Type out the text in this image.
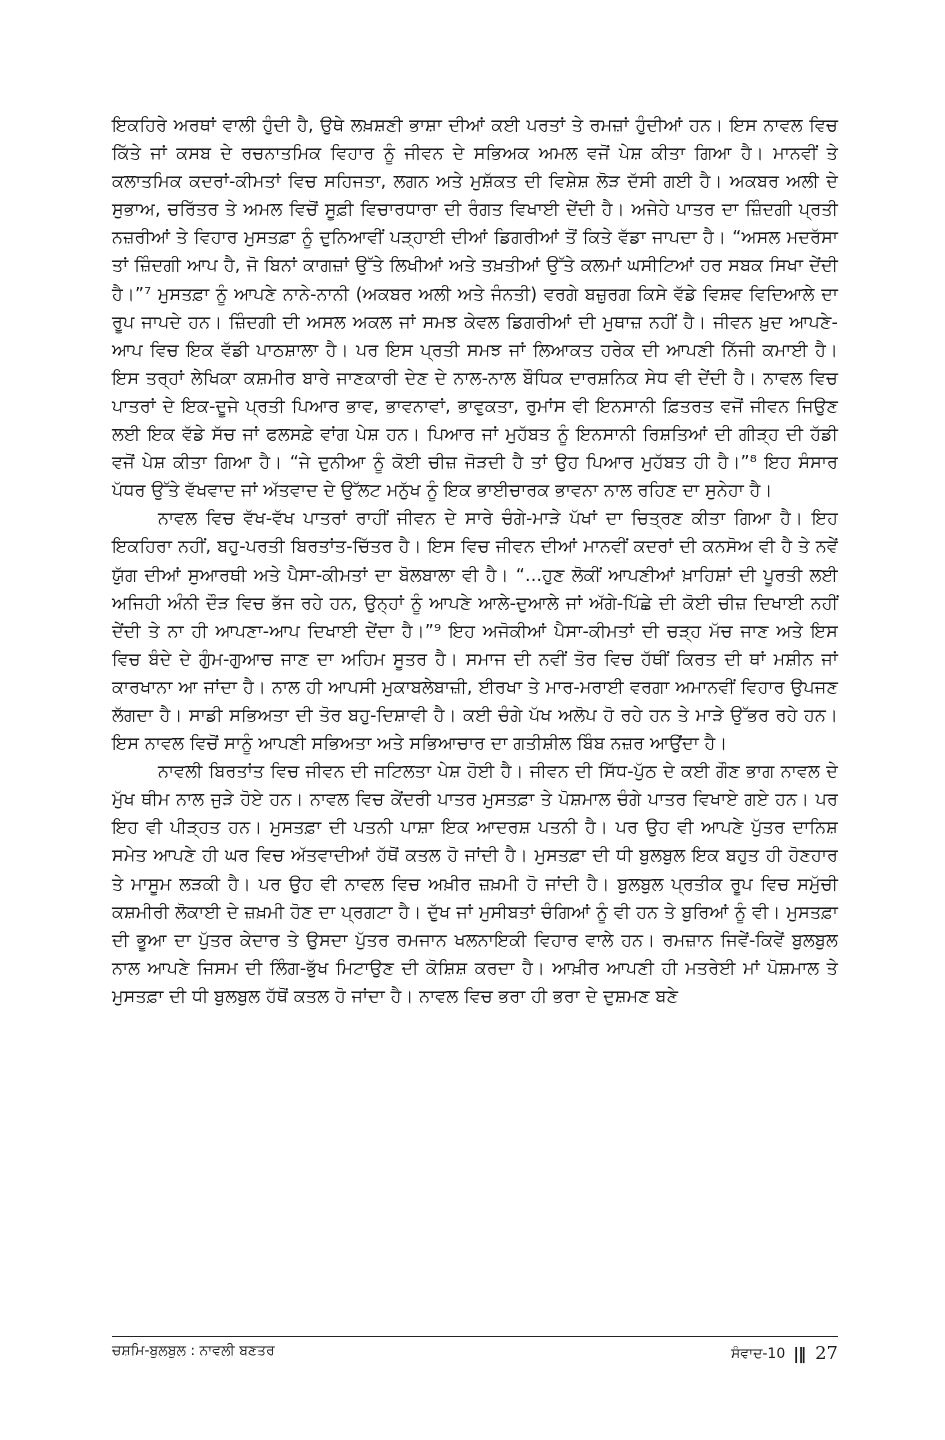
ਇਕਹਿਰੇ ਅਰਥਾਂ ਵਾਲੀ ਹੁੰਦੀ ਹੈ, ਉਥੇ ਲਖ਼ਸ਼ਣੀ ਭਾਸ਼ਾ ਦੀਆਂ ਕਈ ਪਰਤਾਂ ਤੇ ਰਮਜ਼ਾਂ ਹੁੰਦੀਆਂ ਹਨ। ਇਸ ਨਾਵਲ ਵਿਚ ਕਿੱਤੇ ਜਾਂ ਕਸਬ ਦੇ ਰਚਨਾਤਮਿਕ ਵਿਹਾਰ ਨੂੰ ਜੀਵਨ ਦੇ ਸਭਿਅਕ ਅਮਲ ਵਜੋਂ ਪੇਸ਼ ਕੀਤਾ ਗਿਆ ਹੈ। ਮਾਨਵੀਂ ਤੇ ਕਲਾਤਮਿਕ ਕਦਰਾਂ-ਕੀਮਤਾਂ ਵਿਚ ਸਹਿਜਤਾ, ਲਗਨ ਅਤੇ ਮੁਸ਼ੱਕਤ ਦੀ ਵਿਸ਼ੇਸ਼ ਲੋੜ ਦੱਸੀ ਗਈ ਹੈ। ਅਕਬਰ ਅਲੀ ਦੇ ਸੁਭਾਅ, ਚਰਿੱਤਰ ਤੇ ਅਮਲ ਵਿਚੋਂ ਸੂਫ਼ੀ ਵਿਚਾਰਧਾਰਾ ਦੀ ਰੰਗਤ ਵਿਖਾਈ ਦੇਂਦੀ ਹੈ। ਅਜੇਹੇ ਪਾਤਰ ਦਾ ਜ਼ਿੰਦਗੀ ਪ੍ਰਤੀ ਨਜ਼ਰੀਆਂ ਤੇ ਵਿਹਾਰ ਮੁਸਤਫ਼ਾ ਨੂੰ ਦੁਨਿਆਵੀਂ ਪੜ੍ਹਾਈ ਦੀਆਂ ਡਿਗਰੀਆਂ ਤੋਂ ਕਿਤੇ ਵੱਡਾ ਜਾਪਦਾ ਹੈ। “ਅਸਲ ਮਦਰੱਸਾ ਤਾਂ ਜ਼ਿੰਦਗੀ ਆਪ ਹੈ, ਜੋ ਬਿਨਾਂ ਕਾਗਜ਼ਾਂ ਉੱਤੇ ਲਿਖੀਆਂ ਅਤੇ ਤਖ਼ਤੀਆਂ ਉੱਤੇ ਕਲਮਾਂ ਘਸੀਟਿਆਂ ਹਰ ਸਬਕ ਸਿਖਾ ਦੇਂਦੀ ਹੈ।”⁷ ਮੁਸਤਫ਼ਾ ਨੂੰ ਆਪਣੇ ਨਾਨੇ-ਨਾਨੀ (ਅਕਬਰ ਅਲੀ ਅਤੇ ਜੰਨਤੀ) ਵਰਗੇ ਬਜ਼ੁਰਗ ਕਿਸੇ ਵੱਡੇ ਵਿਸ਼ਵ ਵਿਦਿਆਲੇ ਦਾ ਰੂਪ ਜਾਪਦੇ ਹਨ। ਜ਼ਿੰਦਗੀ ਦੀ ਅਸਲ ਅਕਲ ਜਾਂ ਸਮਝ ਕੇਵਲ ਡਿਗਰੀਆਂ ਦੀ ਮੁਥਾਜ਼ ਨਹੀਂ ਹੈ। ਜੀਵਨ ਖ਼ੁਦ ਆਪਣੇ-ਆਪ ਵਿਚ ਇਕ ਵੱਡੀ ਪਾਠਸ਼ਾਲਾ ਹੈ। ਪਰ ਇਸ ਪ੍ਰਤੀ ਸਮਝ ਜਾਂ ਲਿਆਕਤ ਹਰੇਕ ਦੀ ਆਪਣੀ ਨਿੱਜੀ ਕਮਾਈ ਹੈ। ਇਸ ਤਰ੍ਹਾਂ ਲੇਖਿਕਾ ਕਸ਼ਮੀਰ ਬਾਰੇ ਜਾਣਕਾਰੀ ਦੇਣ ਦੇ ਨਾਲ-ਨਾਲ ਬੌਧਿਕ ਦਾਰਸ਼ਨਿਕ ਸੇਧ ਵੀ ਦੇਂਦੀ ਹੈ। ਨਾਵਲ ਵਿਚ ਪਾਤਰਾਂ ਦੇ ਇਕ-ਦੂਜੇ ਪ੍ਰਤੀ ਪਿਆਰ ਭਾਵ, ਭਾਵਨਾਵਾਂ, ਭਾਵੁਕਤਾ, ਰੁਮਾਂਸ ਵੀ ਇਨਸਾਨੀ ਫ਼ਿਤਰਤ ਵਜੋਂ ਜੀਵਨ ਜਿਉਣ ਲਈ ਇਕ ਵੱਡੇ ਸੱਚ ਜਾਂ ਫਲਸਫ਼ੇ ਵਾਂਗ ਪੇਸ਼ ਹਨ। ਪਿਆਰ ਜਾਂ ਮੁਹੱਬਤ ਨੂੰ ਇਨਸਾਨੀ ਰਿਸ਼ਤਿਆਂ ਦੀ ਗੀੜ੍ਹ ਦੀ ਹੱਡੀ ਵਜੋਂ ਪੇਸ਼ ਕੀਤਾ ਗਿਆ ਹੈ। “ਜੇ ਦੁਨੀਆ ਨੂੰ ਕੋਈ ਚੀਜ਼ ਜੋੜਦੀ ਹੈ ਤਾਂ ਉਹ ਪਿਆਰ ਮੁਹੱਬਤ ਹੀ ਹੈ।”⁸ ਇਹ ਸੰਸਾਰ ਪੱਧਰ ਉੱਤੇ ਵੱਖਵਾਦ ਜਾਂ ਅੱਤਵਾਦ ਦੇ ਉੱਲਟ ਮਨੁੱਖ ਨੂੰ ਇਕ ਭਾਈਚਾਰਕ ਭਾਵਨਾ ਨਾਲ ਰਹਿਣ ਦਾ ਸੁਨੇਹਾ ਹੈ।

ਨਾਵਲ ਵਿਚ ਵੱਖ-ਵੱਖ ਪਾਤਰਾਂ ਰਾਹੀਂ ਜੀਵਨ ਦੇ ਸਾਰੇ ਚੰਗੇ-ਮਾੜੇ ਪੱਖਾਂ ਦਾ ਚਿਤ੍ਰਣ ਕੀਤਾ ਗਿਆ ਹੈ। ਇਹ ਇਕਹਿਰਾ ਨਹੀਂ, ਬਹੁ-ਪਰਤੀ ਬਿਰਤਾਂਤ-ਚਿੱਤਰ ਹੈ। ਇਸ ਵਿਚ ਜੀਵਨ ਦੀਆਂ ਮਾਨਵੀਂ ਕਦਰਾਂ ਦੀ ਕਨਸੋਅ ਵੀ ਹੈ ਤੇ ਨਵੇਂ ਯੁੱਗ ਦੀਆਂ ਸੁਆਰਥੀ ਅਤੇ ਪੈਸਾ-ਕੀਮਤਾਂ ਦਾ ਬੋਲਬਾਲਾ ਵੀ ਹੈ। “...ਹੁਣ ਲੋਕੀਂ ਆਪਣੀਆਂ ਖ਼ਾਹਿਸ਼ਾਂ ਦੀ ਪੂਰਤੀ ਲਈ ਅਜਿਹੀ ਅੰਨੀ ਦੌੜ ਵਿਚ ਭੱਜ ਰਹੇ ਹਨ, ਉਨ੍ਹਾਂ ਨੂੰ ਆਪਣੇ ਆਲੇ-ਦੁਆਲੇ ਜਾਂ ਅੱਗੇ-ਪਿੱਛੇ ਦੀ ਕੋਈ ਚੀਜ਼ ਦਿਖਾਈ ਨਹੀਂ ਦੇਂਦੀ ਤੇ ਨਾ ਹੀ ਆਪਣਾ-ਆਪ ਦਿਖਾਈ ਦੇਂਦਾ ਹੈ।”⁹ ਇਹ ਅਜੋਕੀਆਂ ਪੈਸਾ-ਕੀਮਤਾਂ ਦੀ ਚੜ੍ਹ ਮੱਚ ਜਾਣ ਅਤੇ ਇਸ ਵਿਚ ਬੰਦੇ ਦੇ ਗੁੰਮ-ਗੁਆਚ ਜਾਣ ਦਾ ਅਹਿਮ ਸੂਤਰ ਹੈ। ਸਮਾਜ ਦੀ ਨਵੀਂ ਤੋਰ ਵਿਚ ਹੱਥੀਂ ਕਿਰਤ ਦੀ ਥਾਂ ਮਸ਼ੀਨ ਜਾਂ ਕਾਰਖਾਨਾ ਆ ਜਾਂਦਾ ਹੈ। ਨਾਲ ਹੀ ਆਪਸੀ ਮੁਕਾਬਲੇਬਾਜ਼ੀ, ਈਰਖਾ ਤੇ ਮਾਰ-ਮਰਾਈ ਵਰਗਾ ਅਮਾਨਵੀਂ ਵਿਹਾਰ ਉਪਜਣ ਲੱਗਦਾ ਹੈ। ਸਾਡੀ ਸਭਿਅਤਾ ਦੀ ਤੋਰ ਬਹੁ-ਦਿਸ਼ਾਵੀ ਹੈ। ਕਈ ਚੰਗੇ ਪੱਖ ਅਲੋਪ ਹੋ ਰਹੇ ਹਨ ਤੇ ਮਾੜੇ ਉੱਭਰ ਰਹੇ ਹਨ। ਇਸ ਨਾਵਲ ਵਿਚੋਂ ਸਾਨੂੰ ਆਪਣੀ ਸਭਿਅਤਾ ਅਤੇ ਸਭਿਆਚਾਰ ਦਾ ਗਤੀਸ਼ੀਲ ਬਿੰਬ ਨਜ਼ਰ ਆਉਂਦਾ ਹੈ।

ਨਾਵਲੀ ਬਿਰਤਾਂਤ ਵਿਚ ਜੀਵਨ ਦੀ ਜਟਿਲਤਾ ਪੇਸ਼ ਹੋਈ ਹੈ। ਜੀਵਨ ਦੀ ਸਿੱਧ-ਪੁੱਠ ਦੇ ਕਈ ਗੌਣ ਭਾਗ ਨਾਵਲ ਦੇ ਮੁੱਖ ਥੀਮ ਨਾਲ ਜੁੜੇ ਹੋਏ ਹਨ। ਨਾਵਲ ਵਿਚ ਕੇਂਦਰੀ ਪਾਤਰ ਮੁਸਤਫ਼ਾ ਤੇ ਪੋਸ਼ਮਾਲ ਚੰਗੇ ਪਾਤਰ ਵਿਖਾਏ ਗਏ ਹਨ। ਪਰ ਇਹ ਵੀ ਪੀੜ੍ਹਤ ਹਨ। ਮੁਸਤਫ਼ਾ ਦੀ ਪਤਨੀ ਪਾਸ਼ਾ ਇਕ ਆਦਰਸ਼ ਪਤਨੀ ਹੈ। ਪਰ ਉਹ ਵੀ ਆਪਣੇ ਪੁੱਤਰ ਦਾਨਿਸ਼ ਸਮੇਤ ਆਪਣੇ ਹੀ ਘਰ ਵਿਚ ਅੱਤਵਾਦੀਆਂ ਹੱਥੋਂ ਕਤਲ ਹੋ ਜਾਂਦੀ ਹੈ। ਮੁਸਤਫ਼ਾ ਦੀ ਧੀ ਬੁਲਬੁਲ ਇਕ ਬਹੁਤ ਹੀ ਹੋਣਹਾਰ ਤੇ ਮਾਸੂਮ ਲੜਕੀ ਹੈ। ਪਰ ਉਹ ਵੀ ਨਾਵਲ ਵਿਚ ਅਖ਼ੀਰ ਜ਼ਖ਼ਮੀ ਹੋ ਜਾਂਦੀ ਹੈ। ਬੁਲਬੁਲ ਪ੍ਰਤੀਕ ਰੂਪ ਵਿਚ ਸਮੁੱਚੀ ਕਸ਼ਮੀਰੀ ਲੋਕਾਈ ਦੇ ਜ਼ਖ਼ਮੀ ਹੋਣ ਦਾ ਪ੍ਰਗਟਾ ਹੈ। ਦੁੱਖ ਜਾਂ ਮੁਸੀਬਤਾਂ ਚੰਗਿਆਂ ਨੂੰ ਵੀ ਹਨ ਤੇ ਬੁਰਿਆਂ ਨੂੰ ਵੀ। ਮੁਸਤਫ਼ਾ ਦੀ ਭੂਆ ਦਾ ਪੁੱਤਰ ਕੇਦਾਰ ਤੇ ਉਸਦਾ ਪੁੱਤਰ ਰਮਜਾਨ ਖਲਨਾਇਕੀ ਵਿਹਾਰ ਵਾਲੇ ਹਨ। ਰਮਜ਼ਾਨ ਜਿਵੇਂ-ਕਿਵੇਂ ਬੁਲਬੁਲ ਨਾਲ ਆਪਣੇ ਜਿਸਮ ਦੀ ਲਿੰਗ-ਭੁੱਖ ਮਿਟਾਉਣ ਦੀ ਕੋਸ਼ਿਸ਼ ਕਰਦਾ ਹੈ। ਆਖ਼ੀਰ ਆਪਣੀ ਹੀ ਮਤਰੇਈ ਮਾਂ ਪੋਸ਼ਮਾਲ ਤੇ ਮੁਸਤਫ਼ਾ ਦੀ ਧੀ ਬੁਲਬੁਲ ਹੱਥੋਂ ਕਤਲ ਹੋ ਜਾਂਦਾ ਹੈ। ਨਾਵਲ ਵਿਚ ਭਰਾ ਹੀ ਭਰਾ ਦੇ ਦੁਸ਼ਮਣ ਬਣੇ

ਚਸ਼ਮਿ-ਬੁਲਬੁਲ : ਨਾਵਲੀ ਬਣਤਰ	ਸੰਵਾਦ-10 |‖ 27
